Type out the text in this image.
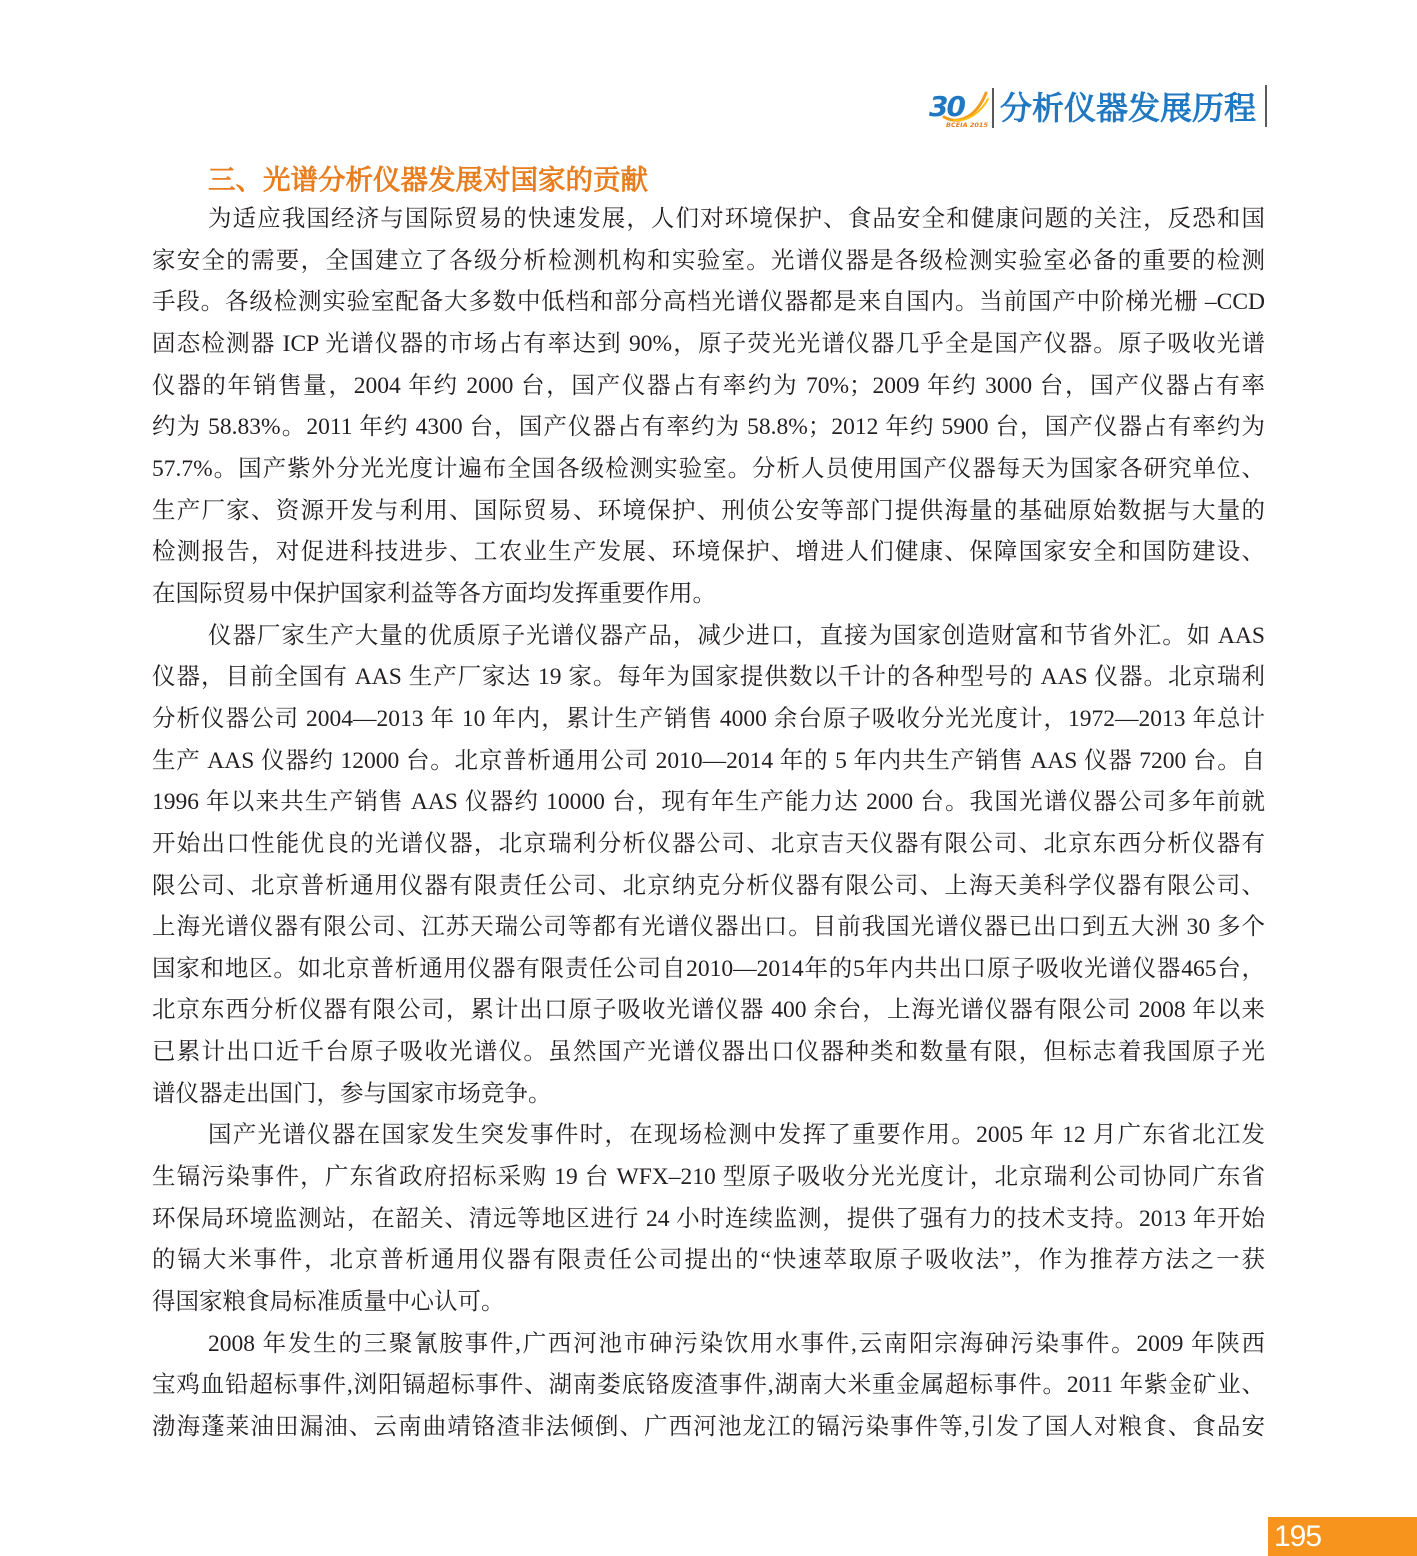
30
BCEIA 2015 分析仪器发展历程
三、光谱分析仪器发展对国家的贡献
为适应我国经济与国际贸易的快速发展，人们对环境保护、食品安全和健康问题的关注，反恐和国
家安全的需要，全国建立了各级分析检测机构和实验室。光谱仪器是各级检测实验室必备的重要的检测
手段。各级检测实验室配备大多数中低档和部分高档光谱仪器都是来自国内。当前国产中阶梯光栅 –CCD
固态检测器 ICP 光谱仪器的市场占有率达到 90%，原子荧光光谱仪器几乎全是国产仪器。原子吸收光谱
仪器的年销售量，2004 年约 2000 台，国产仪器占有率约为 70%；2009 年约 3000 台，国产仪器占有率
约为 58.83%。2011 年约 4300 台，国产仪器占有率约为 58.8%；2012 年约 5900 台，国产仪器占有率约为
57.7%。国产紫外分光光度计遍布全国各级检测实验室。分析人员使用国产仪器每天为国家各研究单位、
生产厂家、资源开发与利用、国际贸易、环境保护、刑侦公安等部门提供海量的基础原始数据与大量的
检测报告，对促进科技进步、工农业生产发展、环境保护、增进人们健康、保障国家安全和国防建设、
在国际贸易中保护国家利益等各方面均发挥重要作用。
仪器厂家生产大量的优质原子光谱仪器产品，减少进口，直接为国家创造财富和节省外汇。如 AAS
仪器，目前全国有 AAS 生产厂家达 19 家。每年为国家提供数以千计的各种型号的 AAS 仪器。北京瑞利
分析仪器公司 2004—2013 年 10 年内，累计生产销售 4000 余台原子吸收分光光度计，1972—2013 年总计
生产 AAS 仪器约 12000 台。北京普析通用公司 2010—2014 年的 5 年内共生产销售 AAS 仪器 7200 台。自
1996 年以来共生产销售 AAS 仪器约 10000 台，现有年生产能力达 2000 台。我国光谱仪器公司多年前就
开始出口性能优良的光谱仪器，北京瑞利分析仪器公司、北京吉天仪器有限公司、北京东西分析仪器有
限公司、北京普析通用仪器有限责任公司、北京纳克分析仪器有限公司、上海天美科学仪器有限公司、
上海光谱仪器有限公司、江苏天瑞公司等都有光谱仪器出口。目前我国光谱仪器已出口到五大洲 30 多个
国家和地区。如北京普析通用仪器有限责任公司自2010—2014年的5年内共出口原子吸收光谱仪器465台，
北京东西分析仪器有限公司，累计出口原子吸收光谱仪器 400 余台，上海光谱仪器有限公司 2008 年以来
已累计出口近千台原子吸收光谱仪。虽然国产光谱仪器出口仪器种类和数量有限，但标志着我国原子光
谱仪器走出国门，参与国家市场竞争。
国产光谱仪器在国家发生突发事件时，在现场检测中发挥了重要作用。2005 年 12 月广东省北江发
生镉污染事件，广东省政府招标采购 19 台 WFX–210 型原子吸收分光光度计，北京瑞利公司协同广东省
环保局环境监测站，在韶关、清远等地区进行 24 小时连续监测，提供了强有力的技术支持。2013 年开始
的镉大米事件，北京普析通用仪器有限责任公司提出的“快速萃取原子吸收法”，作为推荐方法之一获
得国家粮食局标准质量中心认可。
2008 年发生的三聚氰胺事件,广西河池市砷污染饮用水事件,云南阳宗海砷污染事件。2009 年陕西
宝鸡血铅超标事件,浏阳镉超标事件、湖南娄底铬废渣事件,湖南大米重金属超标事件。2011 年紫金矿业、
渤海蓬莱油田漏油、云南曲靖铬渣非法倾倒、广西河池龙江的镉污染事件等,引发了国人对粮食、食品安
195
